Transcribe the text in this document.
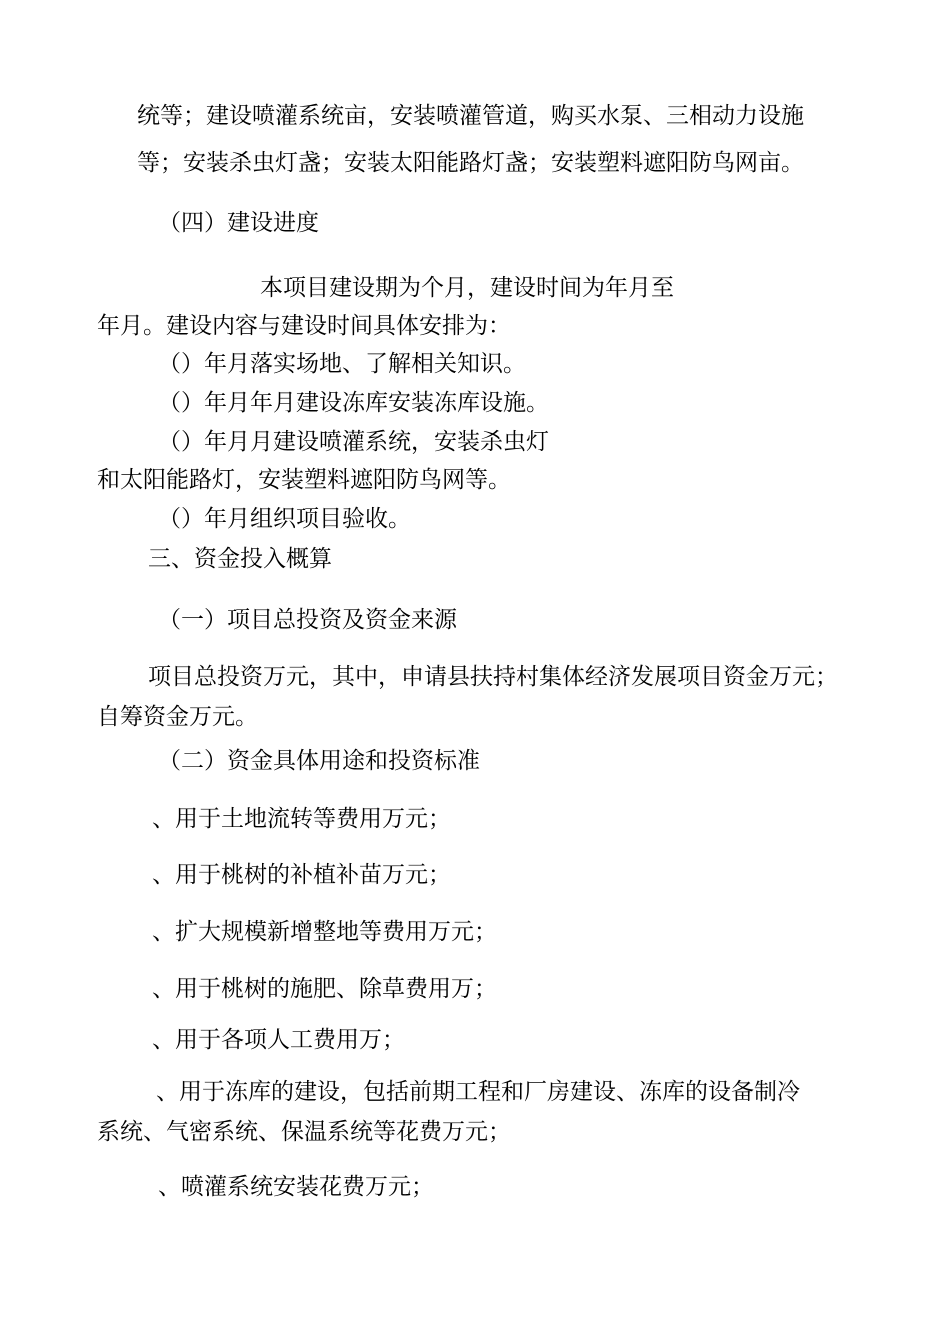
统等；建设喷灌系统亩，安装喷灌管道，购买水泵、三相动力设施
等；安装杀虫灯盏；安装太阳能路灯盏；安装塑料遮阳防鸟网亩。
（四）建设进度
本项目建设期为个月，建设时间为年月至
年月。建设内容与建设时间具体安排为：
（）年月落实场地、了解相关知识。
（）年月年月建设冻库安装冻库设施。
（）年月月建设喷灌系统，安装杀虫灯
和太阳能路灯，安装塑料遮阳防鸟网等。
（）年月组织项目验收。
三、资金投入概算
（一）项目总投资及资金来源
项目总投资万元，其中，申请县扶持村集体经济发展项目资金万元；
自筹资金万元。
（二）资金具体用途和投资标准
、用于土地流转等费用万元；
、用于桃树的补植补苗万元；
、扩大规模新增整地等费用万元；
、用于桃树的施肥、除草费用万；
、用于各项人工费用万；
、用于冻库的建设，包括前期工程和厂房建设、冻库的设备制冷
系统、气密系统、保温系统等花费万元；
、喷灌系统安装花费万元；
